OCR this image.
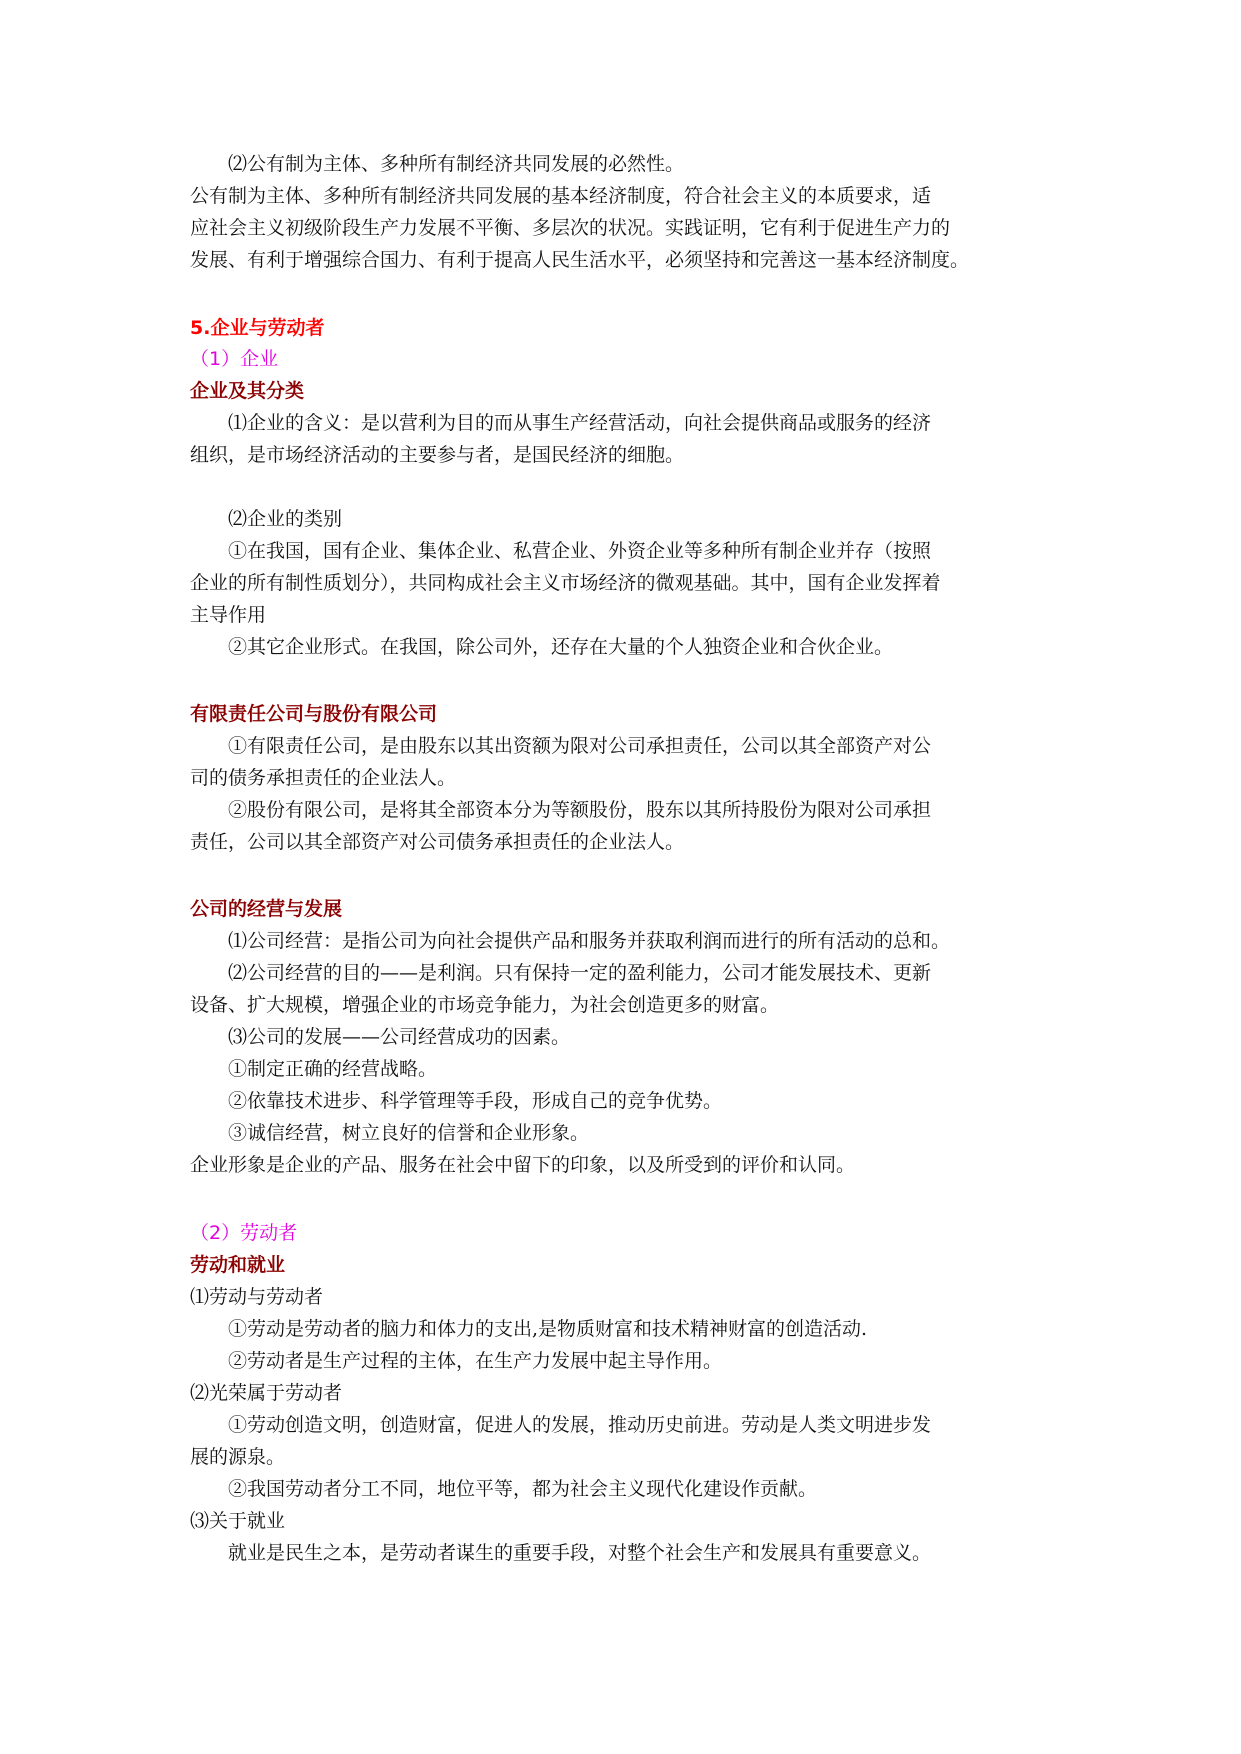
⑵公有制为主体、多种所有制经济共同发展的必然性。

公有制为主体、多种所有制经济共同发展的基本经济制度，符合社会主义的本质要求，适
应社会主义初级阶段生产力发展不平衡、多层次的状况。实践证明，它有利于促进生产力的
发展、有利于增强综合国力、有利于提高人民生活水平，必须坚持和完善这一基本经济制度。

5.企业与劳动者

（1）企业

企业及其分类

⑴企业的含义：是以营利为目的而从事生产经营活动，向社会提供商品或服务的经济
组织，是市场经济活动的主要参与者，是国民经济的细胞。

⑵企业的类别

①在我国，国有企业、集体企业、私营企业、外资企业等多种所有制企业并存（按照
企业的所有制性质划分），共同构成社会主义市场经济的微观基础。其中，国有企业发挥着
主导作用
②其它企业形式。在我国，除公司外，还存在大量的个人独资企业和合伙企业。

有限责任公司与股份有限公司

①有限责任公司，是由股东以其出资额为限对公司承担责任，公司以其全部资产对公
司的债务承担责任的企业法人。
②股份有限公司，是将其全部资本分为等额股份，股东以其所持股份为限对公司承担
责任，公司以其全部资产对公司债务承担责任的企业法人。

公司的经营与发展

⑴公司经营：是指公司为向社会提供产品和服务并获取利润而进行的所有活动的总和。
⑵公司经营的目的——是利润。只有保持一定的盈利能力，公司才能发展技术、更新
设备、扩大规模，增强企业的市场竞争能力，为社会创造更多的财富。
⑶公司的发展——公司经营成功的因素。
①制定正确的经营战略。
②依靠技术进步、科学管理等手段，形成自己的竞争优势。
③诚信经营，树立良好的信誉和企业形象。
企业形象是企业的产品、服务在社会中留下的印象，以及所受到的评价和认同。

（2）劳动者

劳动和就业

⑴劳动与劳动者
①劳动是劳动者的脑力和体力的支出,是物质财富和技术精神财富的创造活动.
②劳动者是生产过程的主体，在生产力发展中起主导作用。
⑵光荣属于劳动者
①劳动创造文明，创造财富，促进人的发展，推动历史前进。劳动是人类文明进步发
展的源泉。
②我国劳动者分工不同，地位平等，都为社会主义现代化建设作贡献。
⑶关于就业
就业是民生之本，是劳动者谋生的重要手段，对整个社会生产和发展具有重要意义。
